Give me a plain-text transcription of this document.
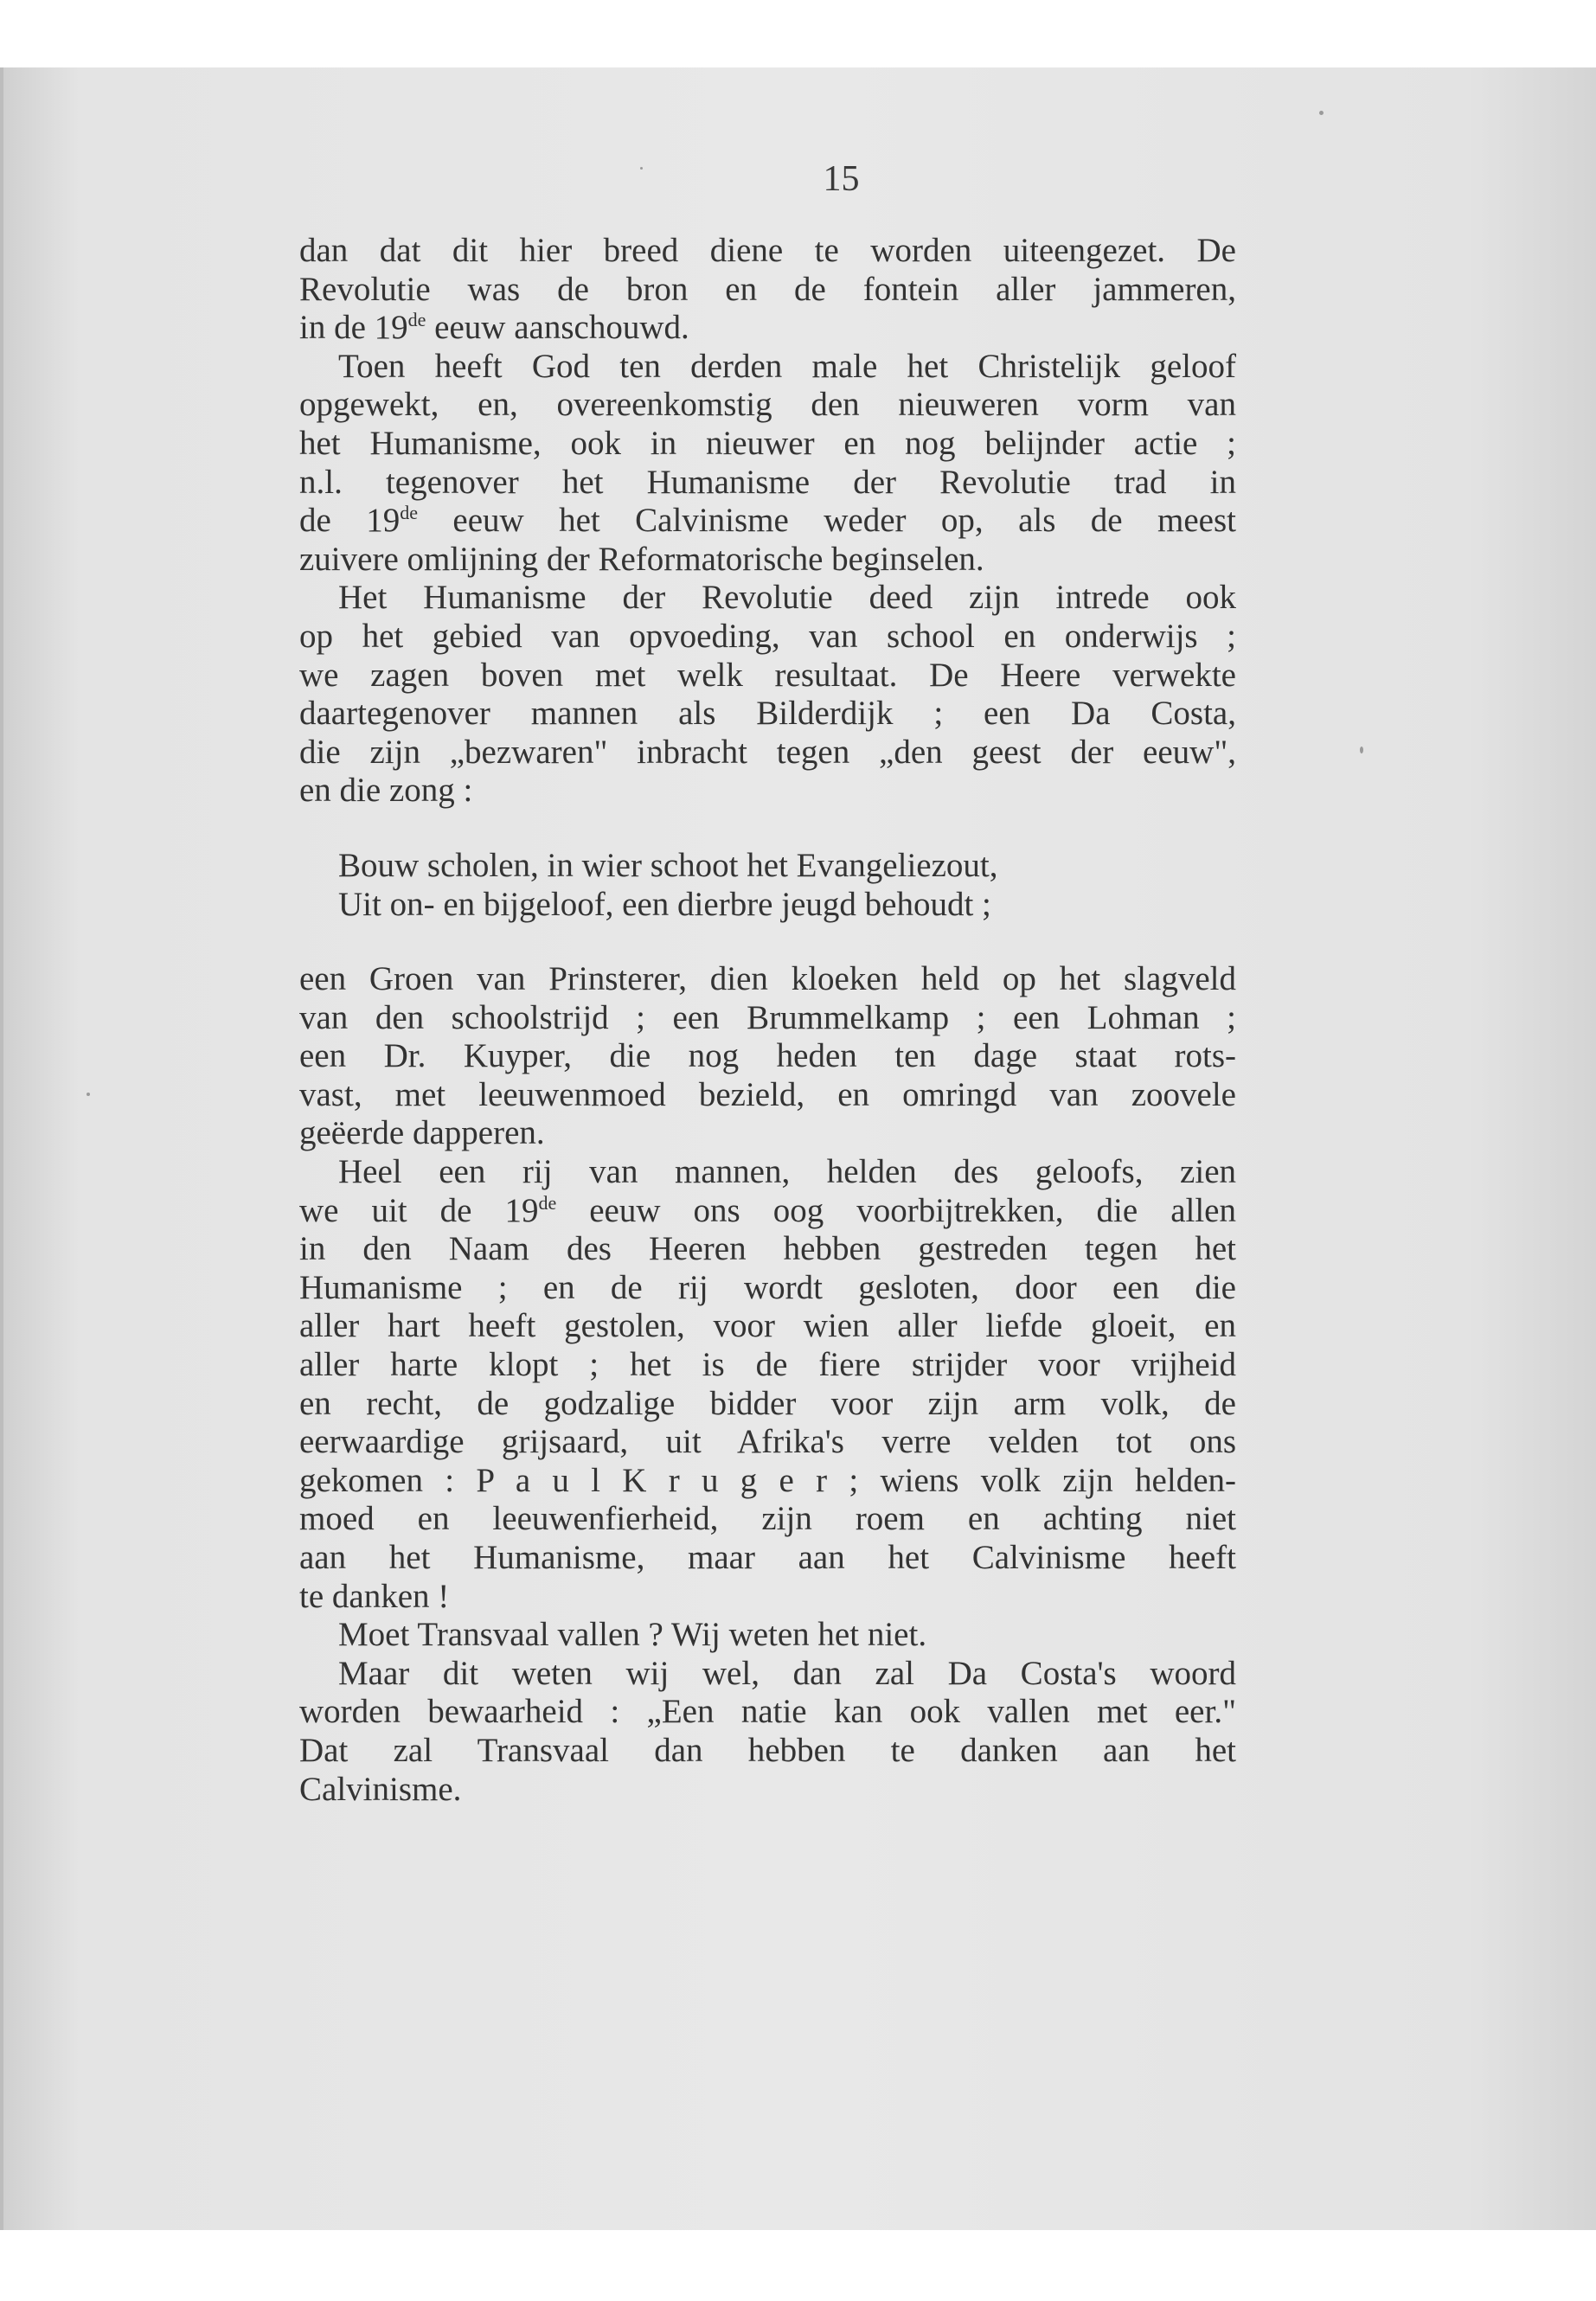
15
dan dat dit hier breed diene te worden uiteengezet. De
Revolutie was de bron en de fontein aller jammeren,
in de 19de eeuw aanschouwd.
Toen heeft God ten derden male het Christelijk geloof
opgewekt, en, overeenkomstig den nieuweren vorm van
het Humanisme, ook in nieuwer en nog belijnder actie ;
n.l. tegenover het Humanisme der Revolutie trad in
de 19de eeuw het Calvinisme weder op, als de meest
zuivere omlijning der Reformatorische beginselen.
Het Humanisme der Revolutie deed zijn intrede ook
op het gebied van opvoeding, van school en onderwijs ;
we zagen boven met welk resultaat. De Heere verwekte
daartegenover mannen als Bilderdijk ; een Da Costa,
die zijn „bezwaren" inbracht tegen „den geest der eeuw",
en die zong :
Bouw scholen, in wier schoot het Evangeliezout,
Uit on- en bijgeloof, een dierbre jeugd behoudt ;
een Groen van Prinsterer, dien kloeken held op het slagveld
van den schoolstrijd ; een Brummelkamp ; een Lohman ;
een Dr. Kuyper, die nog heden ten dage staat rots-
vast, met leeuwenmoed bezield, en omringd van zoovele
geëerde dapperen.
Heel een rij van mannen, helden des geloofs, zien
we uit de 19de eeuw ons oog voorbijtrekken, die allen
in den Naam des Heeren hebben gestreden tegen het
Humanisme ; en de rij wordt gesloten, door een die
aller hart heeft gestolen, voor wien aller liefde gloeit, en
aller harte klopt ; het is de fiere strijder voor vrijheid
en recht, de godzalige bidder voor zijn arm volk, de
eerwaardige grijsaard, uit Afrika's verre velden tot ons
gekomen : P a u l K r u g e r ; wiens volk zijn helden-
moed en leeuwenfierheid, zijn roem en achting niet
aan het Humanisme, maar aan het Calvinisme heeft
te danken !
Moet Transvaal vallen ? Wij weten het niet.
Maar dit weten wij wel, dan zal Da Costa's woord
worden bewaarheid : „Een natie kan ook vallen met eer."
Dat zal Transvaal dan hebben te danken aan het
Calvinisme.
